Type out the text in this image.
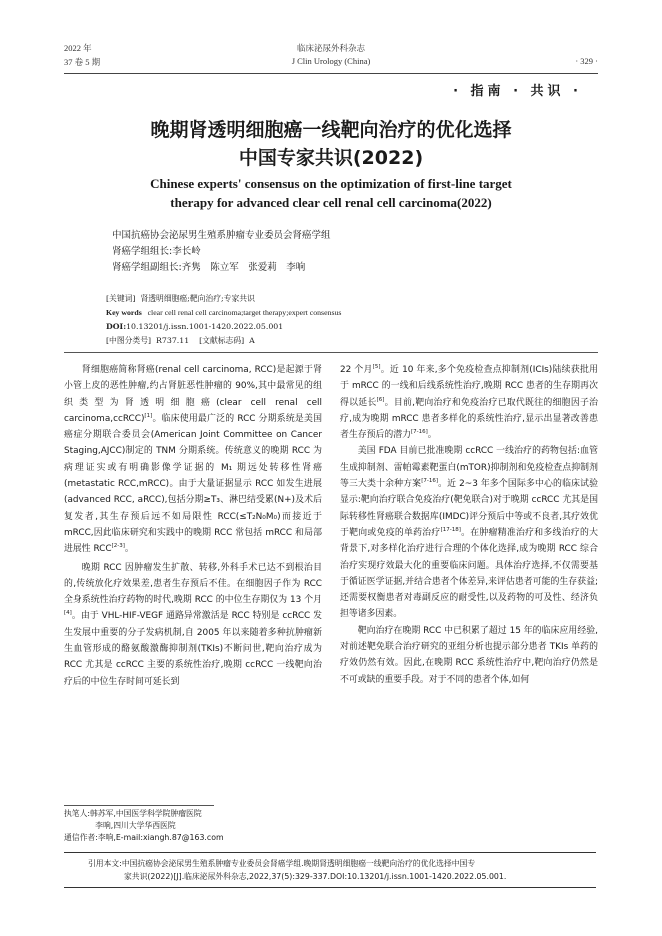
2022 年
37 卷 5 期
临床泌尿外科杂志
J Clin Urology (China)	· 329 ·
· 指南 · 共识 ·
晚期肾透明细胞癌一线靶向治疗的优化选择
中国专家共识(2022)
Chinese experts' consensus on the optimization of first-line target
therapy for advanced clear cell renal cell carcinoma(2022)
中国抗癌协会泌尿男生殖系肿瘤专业委员会肾癌学组
肾癌学组组长:李长岭
肾癌学组副组长:齐隽　陈立军　张爱莉　李响
[关键词] 肾透明细胞癌;靶向治疗;专家共识
Key words clear cell renal cell carcinoma;target therapy;expert consensus
DOI:10.13201/j.issn.1001-1420.2022.05.001
[中图分类号] R737.11 [文献标志码] A

肾细胞癌简称肾癌(renal cell carcinoma, RCC)是起源于肾小管上皮的恶性肿瘤,约占肾脏恶性肿瘤的 90%,其中最常见的组织类型为肾透明细胞癌(clear cell renal cell carcinoma,ccRCC)[1]。临床使用最广泛的 RCC 分期系统是美国癌症分期联合委员会(American Joint Committee on Cancer Staging,AJCC)制定的 TNM 分期系统。传统意义的晚期 RCC 为病理证实或有明确影像学证据的 M₁ 期远处转移性肾癌(metastatic RCC,mRCC)。由于大量证据显示 RCC 如发生进展(advanced RCC, aRCC),包括分期≥T₃、淋巴结受累(N+)及术后复发者,其生存预后远不如局限性 RCC(≤T₂N₀M₀)而接近于 mRCC,因此临床研究和实践中的晚期 RCC 常包括 mRCC 和局部进展性 RCC[2-3]。

晚期 RCC 因肿瘤发生扩散、转移,外科手术已达不到根治目的,传统放化疗效果差,患者生存预后不佳。在细胞因子作为 RCC 全身系统性治疗药物的时代,晚期 RCC 的中位生存期仅为 13 个月[4]。由于 VHL-HIF-VEGF 通路异常激活是 RCC 特别是 ccRCC 发生发展中重要的分子发病机制,自 2005 年以来随着多种抗肿瘤新生血管形成的酪氨酸激酶抑制剂(TKIs)不断问世,靶向治疗成为 RCC 尤其是 ccRCC 主要的系统性治疗,晚期 ccRCC 一线靶向治疗后的中位生存时间可延长到

22 个月[5]。近 10 年来,多个免疫检查点抑制剂(ICIs)陆续获批用于 mRCC 的一线和后线系统性治疗,晚期 RCC 患者的生存期再次得以延长[6]。目前,靶向治疗和免疫治疗已取代既往的细胞因子治疗,成为晚期 mRCC 患者多样化的系统性治疗,显示出显著改善患者生存预后的潜力[7-16]。

美国 FDA 目前已批准晚期 ccRCC 一线治疗的药物包括:血管生成抑制剂、雷帕霉素靶蛋白(mTOR)抑制剂和免疫检查点抑制剂等三大类十余种方案[7-16]。近 2~3 年多个国际多中心的临床试验显示:靶向治疗联合免疫治疗(靶免联合)对于晚期 ccRCC 尤其是国际转移性肾癌联合数据库(IMDC)评分预后中等或不良者,其疗效优于靶向或免疫的单药治疗[17-18]。在肿瘤精准治疗和多线治疗的大背景下,对多样化治疗进行合理的个体化选择,成为晚期 RCC 综合治疗实现疗效最大化的重要临床问题。具体治疗选择,不仅需要基于循证医学证据,并结合患者个体差异,来评估患者可能的生存获益;还需要权衡患者对毒副反应的耐受性,以及药物的可及性、经济负担等诸多因素。

靶向治疗在晚期 RCC 中已积累了超过 15 年的临床应用经验,对前述靶免联合治疗研究的亚组分析也提示部分患者 TKIs 单药的疗效仍然有效。因此,在晚期 RCC 系统性治疗中,靶向治疗仍然是不可或缺的重要手段。对于不同的患者个体,如何

执笔人:韩苏军,中国医学科学院肿瘤医院
　　　　李响,四川大学华西医院
通信作者:李响,E-mail:xiangh.87@163.com
引用本文:中国抗癌协会泌尿男生殖系肿瘤专业委员会肾癌学组.晚期肾透明细胞癌一线靶向治疗的优化选择中国专
家共识(2022)[J].临床泌尿外科杂志,2022,37(5):329-337.DOI:10.13201/j.issn.1001-1420.2022.05.001.
